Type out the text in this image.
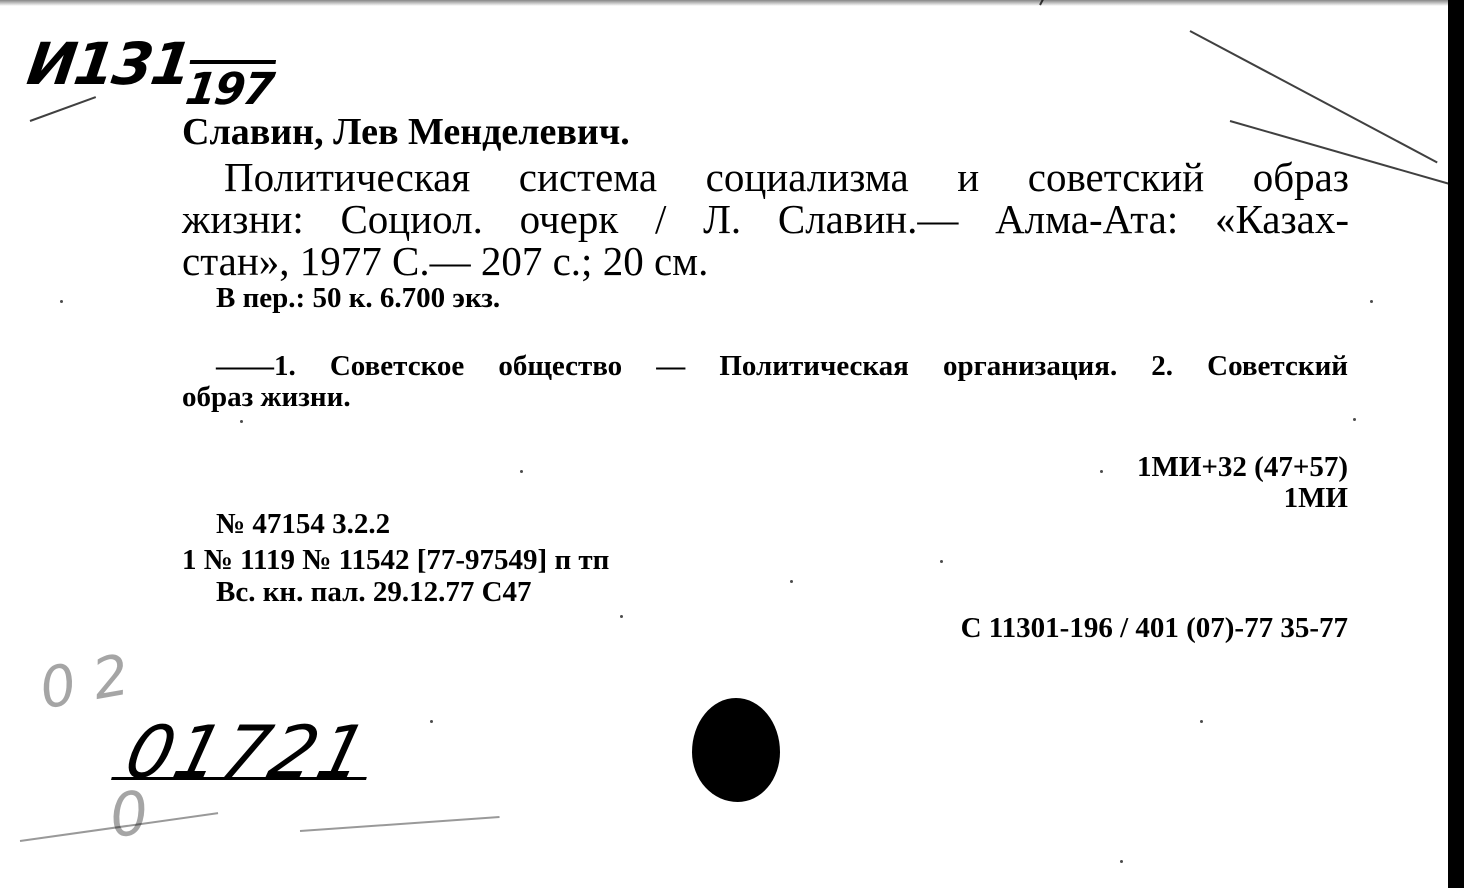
$И131_{197}$
Славин, Лев Менделевич.
Политическая система социализма и советский образ
жизни: Социол. очерк / Л. Славин.— Алма-Ата: «Казах-
стан», 1977 С.— 207 с.; 20 см.
В пер.: 50 к. 6.700 экз.
——1. Советское общество — Политическая организация. 2. Советский
образ жизни.
1МИ+32 (47+57)
1МИ
№ 47154 3.2.2
1 № 1119 № 11542 [77-97549] п тп
Вс. кн. пал. 29.12.77 С47
С 11301-196 / 401 (07)-77 35-77
0 2
0
01721
